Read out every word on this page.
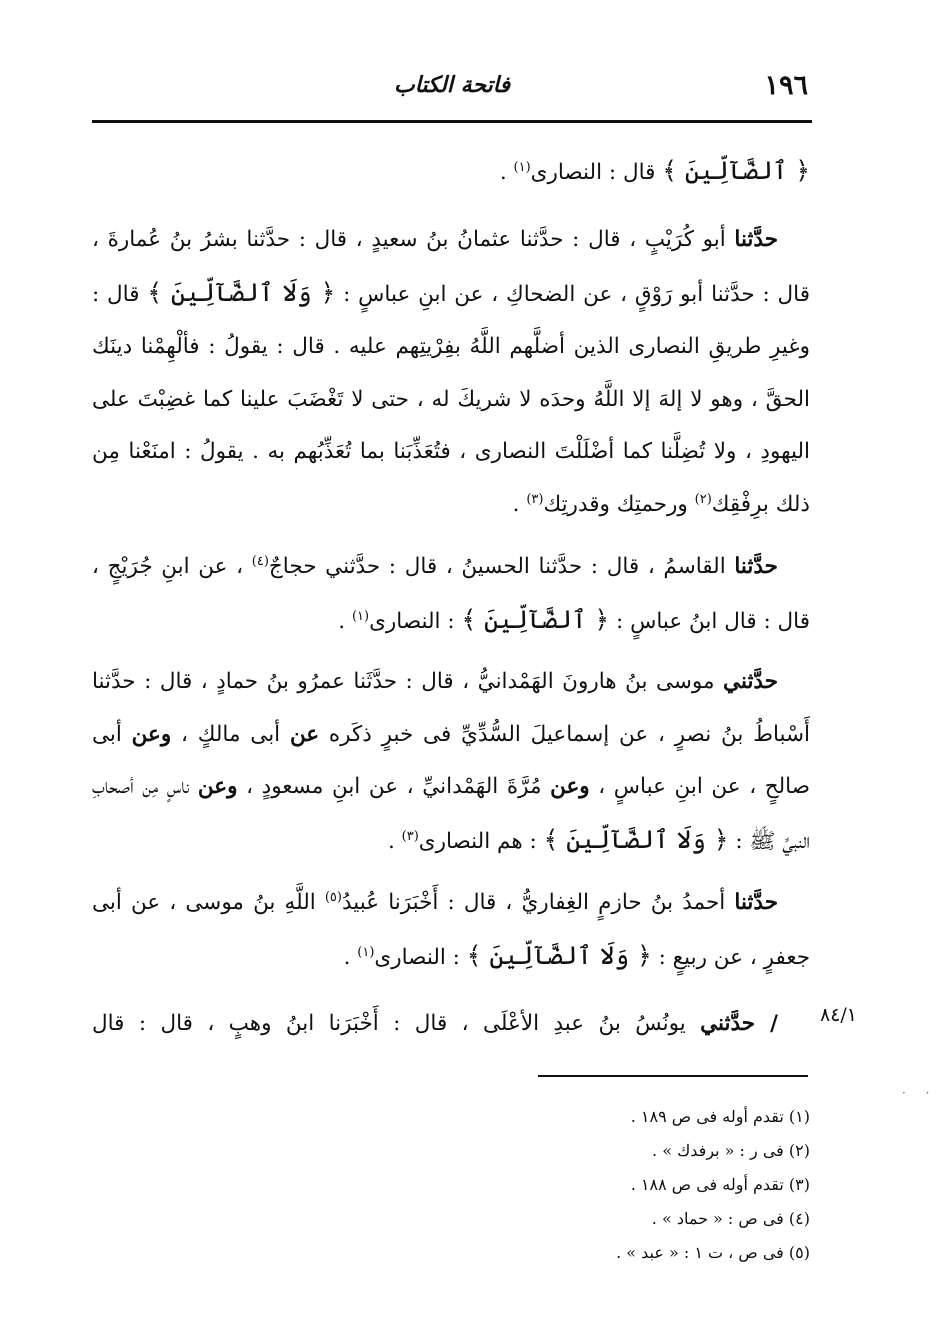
١٩٦
فاتحة الكتاب
﴿ ٱلضَّآلِّينَ ﴾ قال : النصارى$^{(١)}$ .
حدَّثنا أبو كُرَيْبٍ ، قال : حدَّثنا عثمانُ بنُ سعيدٍ ، قال : حدَّثنا بشرُ بنُ عُمارةَ ، قال : حدَّثنا أبو رَوْقٍ ، عن الضحاكِ ، عن ابنِ عباسٍ : ﴿ وَلَا ٱلضَّآلِّينَ ﴾ قال : وغيرِ طريقِ النصارى الذين أضلَّهم اللَّهُ بفِرْيتِهم عليه . قال : يقولُ : فألْهِمْنا دينَك الحقَّ ، وهو لا إلهَ إلا اللَّهُ وحدَه لا شريكَ له ، حتى لا تَغْضَبَ علينا كما غضِبْتَ على اليهودِ ، ولا تُضِلَّنا كما أضْلَلْتَ النصارى ، فتُعَذِّبَنا بما تُعَذِّبُهم به . يقولُ : امنَعْنا مِن ذلك برِفْقِك$^{(٢)}$ ورحمتِك وقدرتِك$^{(٣)}$ .
حدَّثنا القاسمُ ، قال : حدَّثنا الحسينُ ، قال : حدَّثني حجاجٌ$^{(٤)}$ ، عن ابنِ جُرَيْجٍ ، قال : قال ابنُ عباسٍ : ﴿ ٱلضَّآلِّينَ ﴾ : النصارى$^{(١)}$ .
حدَّثني موسى بنُ هارونَ الهَمْدانيُّ ، قال : حدَّثَنا عمرُو بنُ حمادٍ ، قال : حدَّثنا أَسْباطُ بنُ نصرٍ ، عن إسماعيلَ السُّدِّيِّ فى خبرٍ ذكَره عن أبى مالكٍ ، وعن أبى صالحٍ ، عن ابنِ عباسٍ ، وعن مُرَّةَ الهَمْدانيِّ ، عن ابنِ مسعودٍ ، وعن ناسٍ مِن أصحابِ النبيِّ ﷺ : ﴿ وَلَا ٱلضَّآلِّينَ ﴾ : هم النصارى$^{(٣)}$ .
حدَّثنا أحمدُ بنُ حازمٍ الغِفاريُّ ، قال : أَخْبَرَنا عُبيدُ$^{(٥)}$ اللَّهِ بنُ موسى ، عن أبى جعفرٍ ، عن ربيعٍ : ﴿ وَلَا ٱلضَّآلِّينَ ﴾ : النصارى$^{(١)}$ .
/ حدَّثني يونُسُ بنُ عبدِ الأعْلَى ، قال : أَخْبَرَنا ابنُ وهبٍ ، قال : قال	٨٤/١
(١) تقدم أوله فى ص ١٨٩ .
(٢) فى ر : « برفدك » .
(٣) تقدم أوله فى ص ١٨٨ .
(٤) فى ص : « حماد » .
(٥) فى ص ، ت ١ : « عبد » .
· ·
